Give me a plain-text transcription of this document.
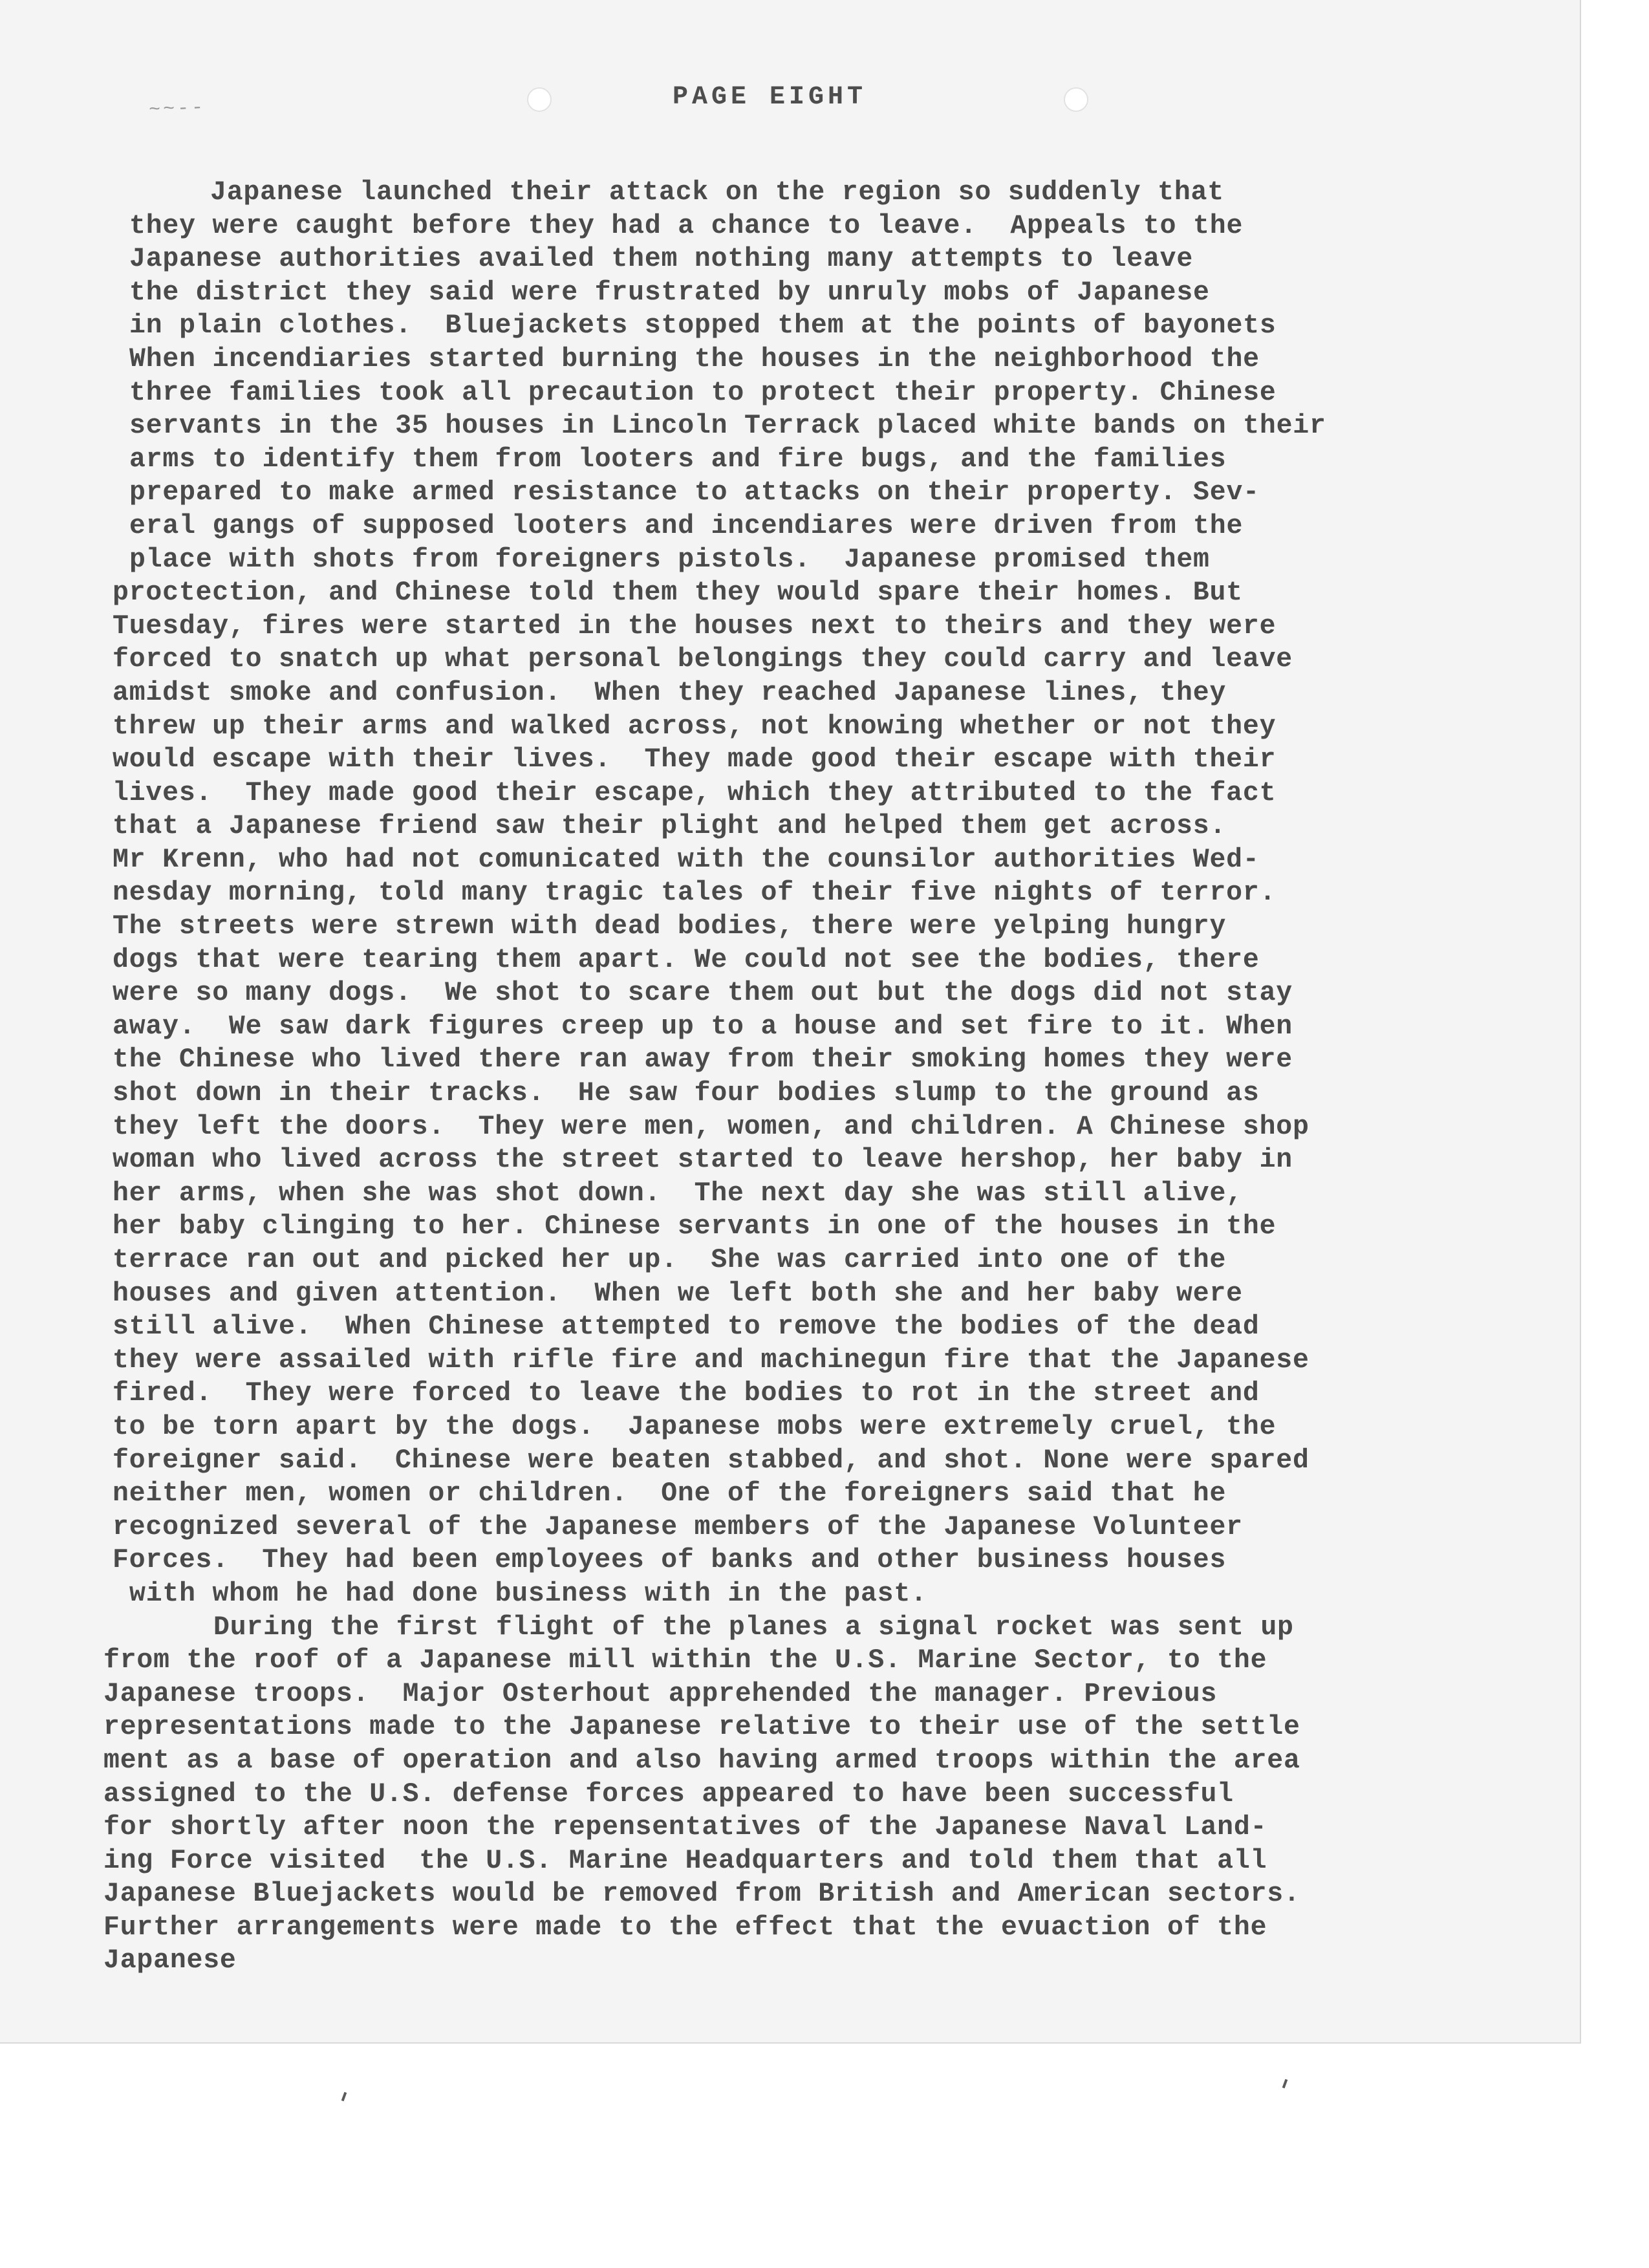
~~--	PAGE EIGHT
Japanese launched their attack on the region so suddenly that
they were caught before they had a chance to leave.  Appeals to the
Japanese authorities availed them nothing many attempts to leave
the district they said were frustrated by unruly mobs of Japanese
in plain clothes.  Bluejackets stopped them at the points of bayonets
When incendiaries started burning the houses in the neighborhood the
three families took all precaution to protect their property. Chinese
servants in the 35 houses in Lincoln Terrack placed white bands on their
arms to identify them from looters and fire bugs, and the families
prepared to make armed resistance to attacks on their property. Sev-
eral gangs of supposed looters and incendiares were driven from the
place with shots from foreigners pistols.  Japanese promised them
proctection, and Chinese told them they would spare their homes. But
Tuesday, fires were started in the houses next to theirs and they were
forced to snatch up what personal belongings they could carry and leave
amidst smoke and confusion.  When they reached Japanese lines, they
threw up their arms and walked across, not knowing whether or not they
would escape with their lives.  They made good their escape with their
lives.  They made good their escape, which they attributed to the fact
that a Japanese friend saw their plight and helped them get across.
Mr Krenn, who had not comunicated with the counsilor authorities Wed-
nesday morning, told many tragic tales of their five nights of terror.
The streets were strewn with dead bodies, there were yelping hungry
dogs that were tearing them apart. We could not see the bodies, there
were so many dogs.  We shot to scare them out but the dogs did not stay
away.  We saw dark figures creep up to a house and set fire to it. When
the Chinese who lived there ran away from their smoking homes they were
shot down in their tracks.  He saw four bodies slump to the ground as
they left the doors.  They were men, women, and children. A Chinese shop
woman who lived across the street started to leave hershop, her baby in
her arms, when she was shot down.  The next day she was still alive,
her baby clinging to her. Chinese servants in one of the houses in the
terrace ran out and picked her up.  She was carried into one of the
houses and given attention.  When we left both she and her baby were
still alive.  When Chinese attempted to remove the bodies of the dead
they were assailed with rifle fire and machinegun fire that the Japanese
fired.  They were forced to leave the bodies to rot in the street and
to be torn apart by the dogs.  Japanese mobs were extremely cruel, the
foreigner said.  Chinese were beaten stabbed, and shot. None were spared
neither men, women or children.  One of the foreigners said that he
recognized several of the Japanese members of the Japanese Volunteer
Forces.  They had been employees of banks and other business houses
with whom he had done business with in the past.
During the first flight of the planes a signal rocket was sent up
from the roof of a Japanese mill within the U.S. Marine Sector, to the
Japanese troops.  Major Osterhout apprehended the manager. Previous
representations made to the Japanese relative to their use of the settle
ment as a base of operation and also having armed troops within the area
assigned to the U.S. defense forces appeared to have been successful
for shortly after noon the repensentatives of the Japanese Naval Land-
ing Force visited  the U.S. Marine Headquarters and told them that all
Japanese Bluejackets would be removed from British and American sectors.
Further arrangements were made to the effect that the evuaction of the
Japanese
